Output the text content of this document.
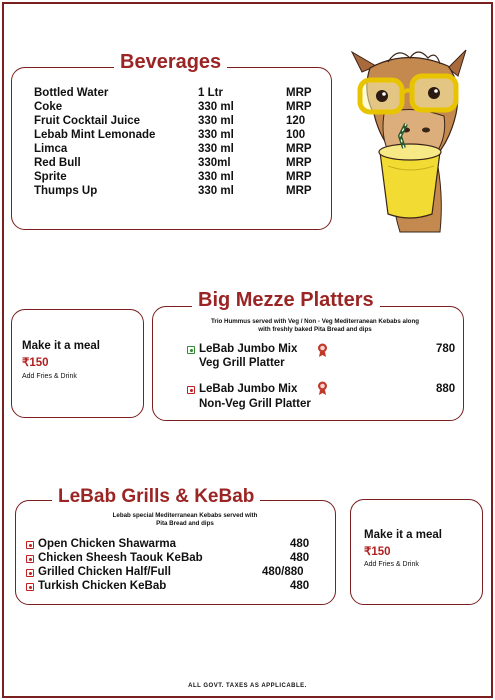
Beverages
Bottled Water	1 Ltr	MRP
Coke	330 ml	MRP
Fruit Cocktail Juice	330 ml	120
Lebab Mint Lemonade	330 ml	100
Limca	330 ml	MRP
Red Bull	330ml	MRP
Sprite	330 ml	MRP
Thumps Up	330 ml	MRP
Big Mezze Platters
Trio Hummus served with Veg / Non - Veg Mediterranean Kebabs along
with freshly baked Pita Bread and dips
LeBab Jumbo Mix
Veg Grill Platter
780
LeBab Jumbo Mix
Non-Veg Grill Platter
880
Make it a meal
₹150
Add Fries & Drink
LeBab Grills & KeBab
Lebab special Mediterranean Kebabs served with
Pita Bread and dips
Open Chicken Shawarma	480
Chicken Sheesh Taouk KeBab	480
Grilled Chicken Half/Full	480/880
Turkish Chicken KeBab	480
Make it a meal
₹150
Add Fries & Drink
ALL GOVT. TAXES AS APPLICABLE.
